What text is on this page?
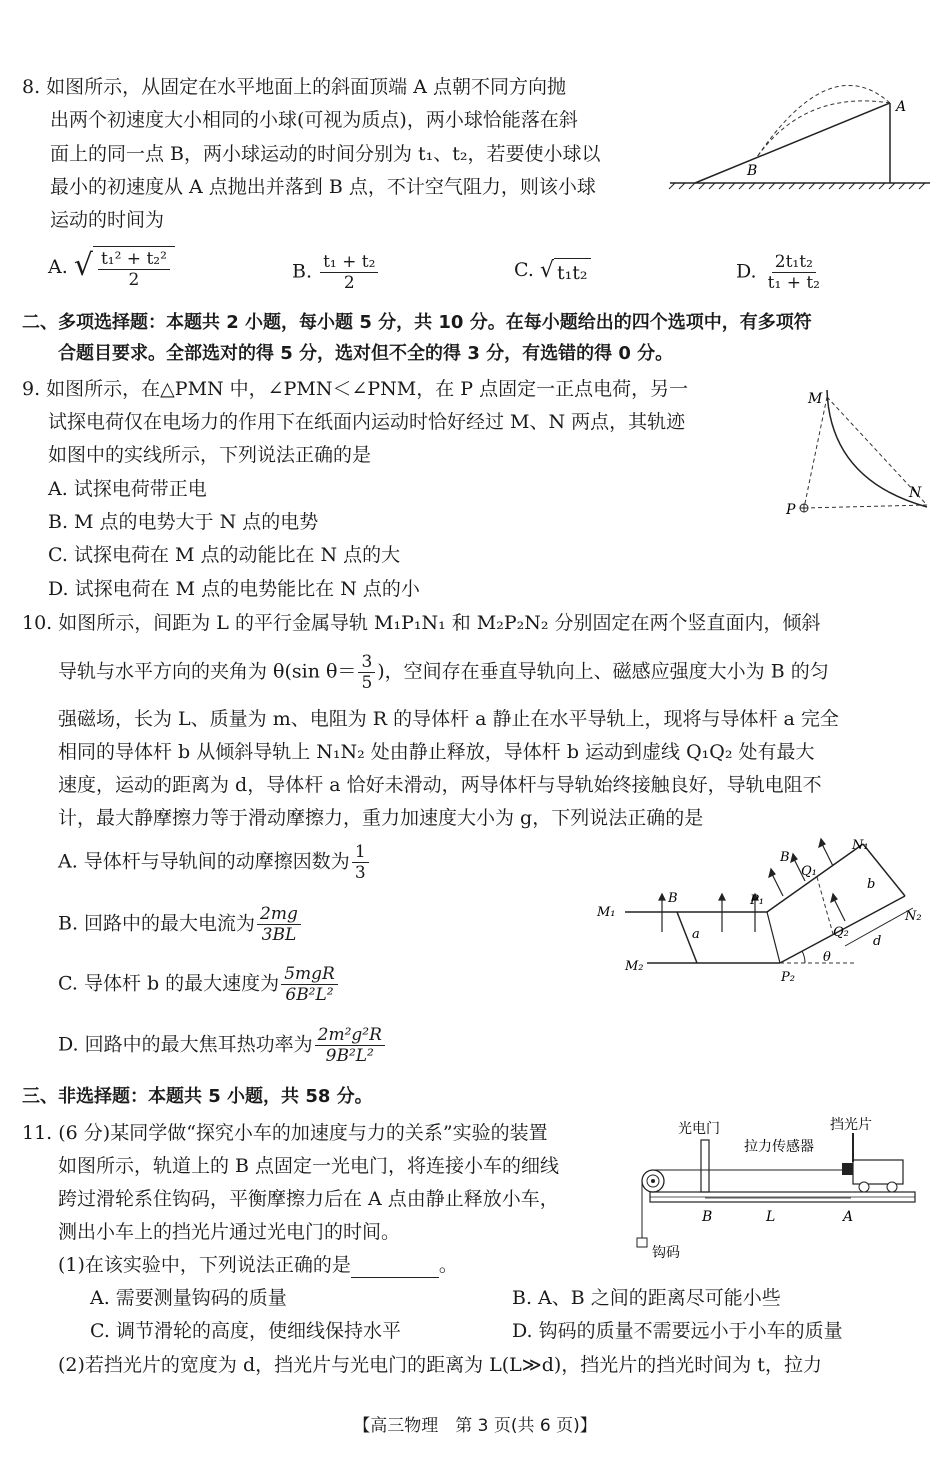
8. 如图所示，从固定在水平地面上的斜面顶端 A 点朝不同方向抛
出两个初速度大小相同的小球(可视为质点)，两小球恰能落在斜
面上的同一点 B，两小球运动的时间分别为 t₁、t₂，若要使小球以
最小的初速度从 A 点抛出并落到 B 点，不计空气阻力，则该小球
运动的时间为
A
B
A. √ $\frac{\text{t₁² + t₂²}}{2}$	B. $\frac{\text{t₁ + t₂}}{2}$	C. √ t₁t₂	D. $\frac{\text{2t₁t₂}}{\text{t₁ + t₂}}$
二、多项选择题：本题共 2 小题，每小题 5 分，共 10 分。在每小题给出的四个选项中，有多项符
合题目要求。全部选对的得 5 分，选对但不全的得 3 分，有选错的得 0 分。
9. 如图所示，在△PMN 中，∠PMN＜∠PNM，在 P 点固定一正点电荷，另一
试探电荷仅在电场力的作用下在纸面内运动时恰好经过 M、N 两点，其轨迹
如图中的实线所示，下列说法正确的是
A. 试探电荷带正电
B. M 点的电势大于 N 点的电势
C. 试探电荷在 M 点的动能比在 N 点的大
D. 试探电荷在 M 点的电势能比在 N 点的小
M
N
P
10. 如图所示，间距为 L 的平行金属导轨 M₁P₁N₁ 和 M₂P₂N₂ 分别固定在两个竖直面内，倾斜
导轨与水平方向的夹角为 θ(sin $\theta= \frac{3}{5}$ )，空间存在垂直导轨向上、磁感应强度大小为 B 的匀
强磁场，长为 L、质量为 m、电阻为 R 的导体杆 a 静止在水平导轨上，现将与导体杆 a 完全
相同的导体杆 b 从倾斜导轨上 N₁N₂ 处由静止释放，导体杆 b 运动到虚线 Q₁Q₂ 处有最大
速度，运动的距离为 d，导体杆 a 恰好未滑动，两导体杆与导轨始终接触良好，导轨电阻不
计，最大静摩擦力等于滑动摩擦力，重力加速度大小为 g，下列说法正确的是
A. 导体杆与导轨间的动摩擦因数为 $\frac{1}{3}$
B. 回路中的最大电流为 $\frac{2mg}{3BL}$
C. 导体杆 b 的最大速度为 $\frac{\text{5mgR}}{\text{6B²L²}}$
D. 回路中的最大焦耳热功率为 $\frac{\text{2m²g²R}}{\text{9B²L²}}$
M₁
M₂
P₁
P₂
N₁
N₂
Q₁
Q₂
B
B
a
b
d
θ
三、非选择题：本题共 5 小题，共 58 分。
11. (6 分)某同学做“探究小车的加速度与力的关系”实验的装置
如图所示，轨道上的 B 点固定一光电门，将连接小车的细线
跨过滑轮系住钩码，平衡摩擦力后在 A 点由静止释放小车，
测出小车上的挡光片通过光电门的时间。
(1)在该实验中，下列说法正确的是	。
A. 需要测量钩码的质量	B. A、B 之间的距离尽可能小些
C. 调节滑轮的高度，使细线保持水平	D. 钩码的质量不需要远小于小车的质量
(2)若挡光片的宽度为 d，挡光片与光电门的距离为 L(L≫d)，挡光片的挡光时间为 t，拉力
光电门
拉力传感器
挡光片
钩码
B	L	A
【高三物理　第 3 页(共 6 页)】
